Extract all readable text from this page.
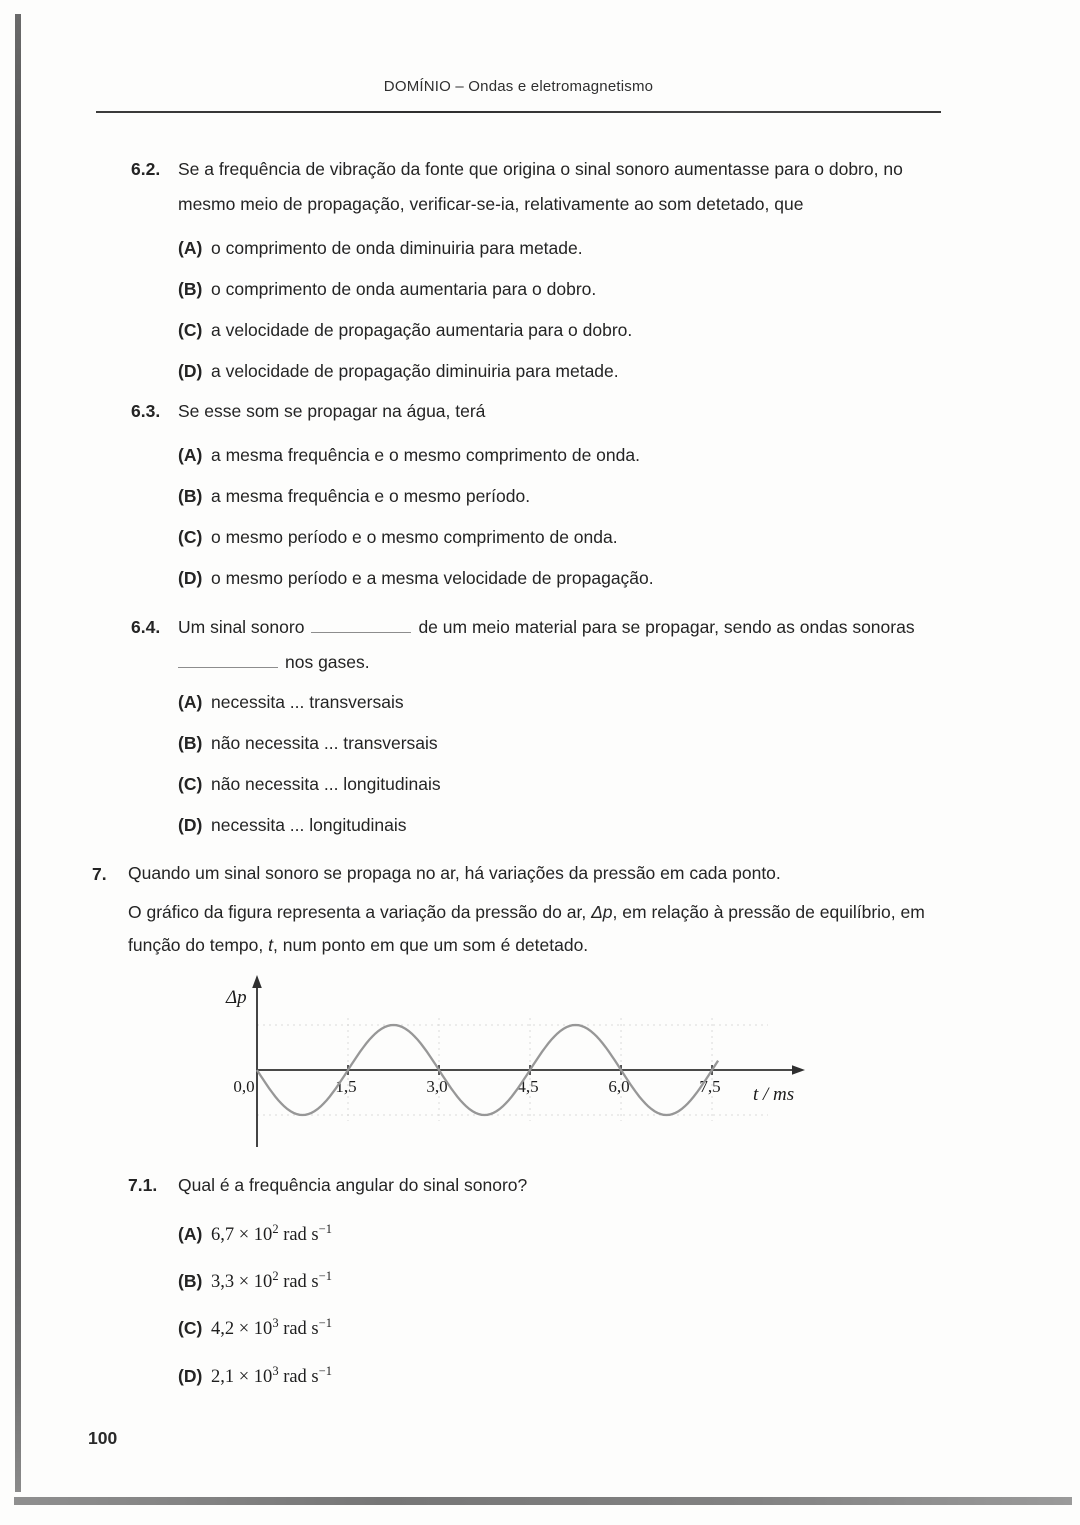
DOMÍNIO – Ondas e eletromagnetismo
6.2.	Se a frequência de vibração da fonte que origina o sinal sonoro aumentasse para o dobro, no mesmo meio de propagação, verificar-se-ia, relativamente ao som detetado, que

(A) o comprimento de onda diminuiria para metade.
(B) o comprimento de onda aumentaria para o dobro.
(C) a velocidade de propagação aumentaria para o dobro.
(D) a velocidade de propagação diminuiria para metade.
6.3.	Se esse som se propagar na água, terá

(A) a mesma frequência e o mesmo comprimento de onda.
(B) a mesma frequência e o mesmo período.
(C) o mesmo período e o mesmo comprimento de onda.
(D) o mesmo período e a mesma velocidade de propagação.
6.4.	Um sinal sonoro	de um meio material para se propagar, sendo as ondas sonoras

nos gases.

(A) necessita ... transversais
(B) não necessita ... transversais
(C) não necessita ... longitudinais
(D) necessita ... longitudinais
7.	Quando um sinal sonoro se propaga no ar, há variações da pressão em cada ponto.

O gráfico da figura representa a variação da pressão do ar, Δp, em relação à pressão de equilíbrio, em função do tempo, t, num ponto em que um som é detetado.

0,0	1,5	3,0	4,5	6,0	7,5
Δp
t / ms
7.1.	Qual é a frequência angular do sinal sonoro?

(A) $6,7 \times 10^2$ rad $s^{-1}$
(B) $3,3 \times 10^2$ rad $s^{-1}$
(C) $4,2 \times 10^3$ rad $s^{-1}$
(D) $2,1 \times 10^3$ rad $s^{-1}$
100
